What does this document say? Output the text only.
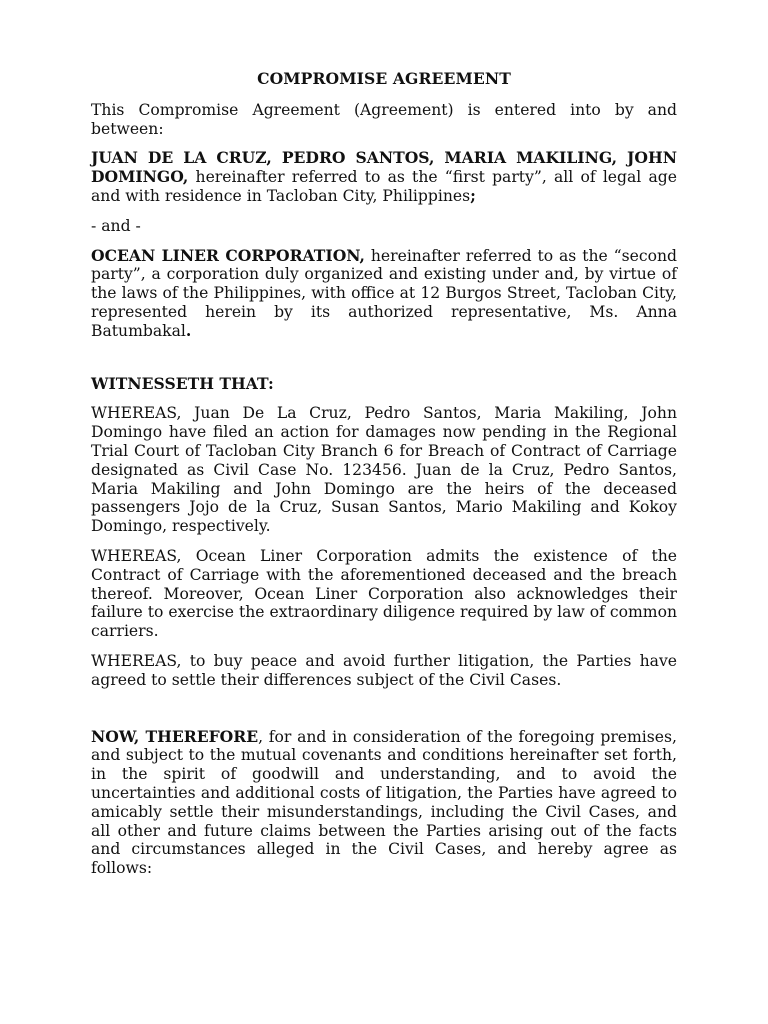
COMPROMISE AGREEMENT

This Compromise Agreement (Agreement) is entered into by and between:

JUAN DE LA CRUZ, PEDRO SANTOS, MARIA MAKILING, JOHN DOMINGO, hereinafter referred to as the “first party”, all of legal age and with residence in Tacloban City, Philippines;

- and -

OCEAN LINER CORPORATION, hereinafter referred to as the “second party”, a corporation duly organized and existing under and, by virtue of the laws of the Philippines, with office at 12 Burgos Street, Tacloban City, represented herein by its authorized representative, Ms. Anna Batumbakal.

WITNESSETH THAT:

WHEREAS, Juan De La Cruz, Pedro Santos, Maria Makiling, John Domingo have filed an action for damages now pending in the Regional Trial Court of Tacloban City Branch 6 for Breach of Contract of Carriage designated as Civil Case No. 123456. Juan de la Cruz, Pedro Santos, Maria Makiling and John Domingo are the heirs of the deceased passengers Jojo de la Cruz, Susan Santos, Mario Makiling and Kokoy Domingo, respectively.

WHEREAS, Ocean Liner Corporation admits the existence of the Contract of Carriage with the aforementioned deceased and the breach thereof. Moreover, Ocean Liner Corporation also acknowledges their failure to exercise the extraordinary diligence required by law of common carriers.

WHEREAS, to buy peace and avoid further litigation, the Parties have agreed to settle their differences subject of the Civil Cases.

NOW, THEREFORE, for and in consideration of the foregoing premises, and subject to the mutual covenants and conditions hereinafter set forth, in the spirit of goodwill and understanding, and to avoid the uncertainties and additional costs of litigation, the Parties have agreed to amicably settle their misunderstandings, including the Civil Cases, and all other and future claims between the Parties arising out of the facts and circumstances alleged in the Civil Cases, and hereby agree as follows:
